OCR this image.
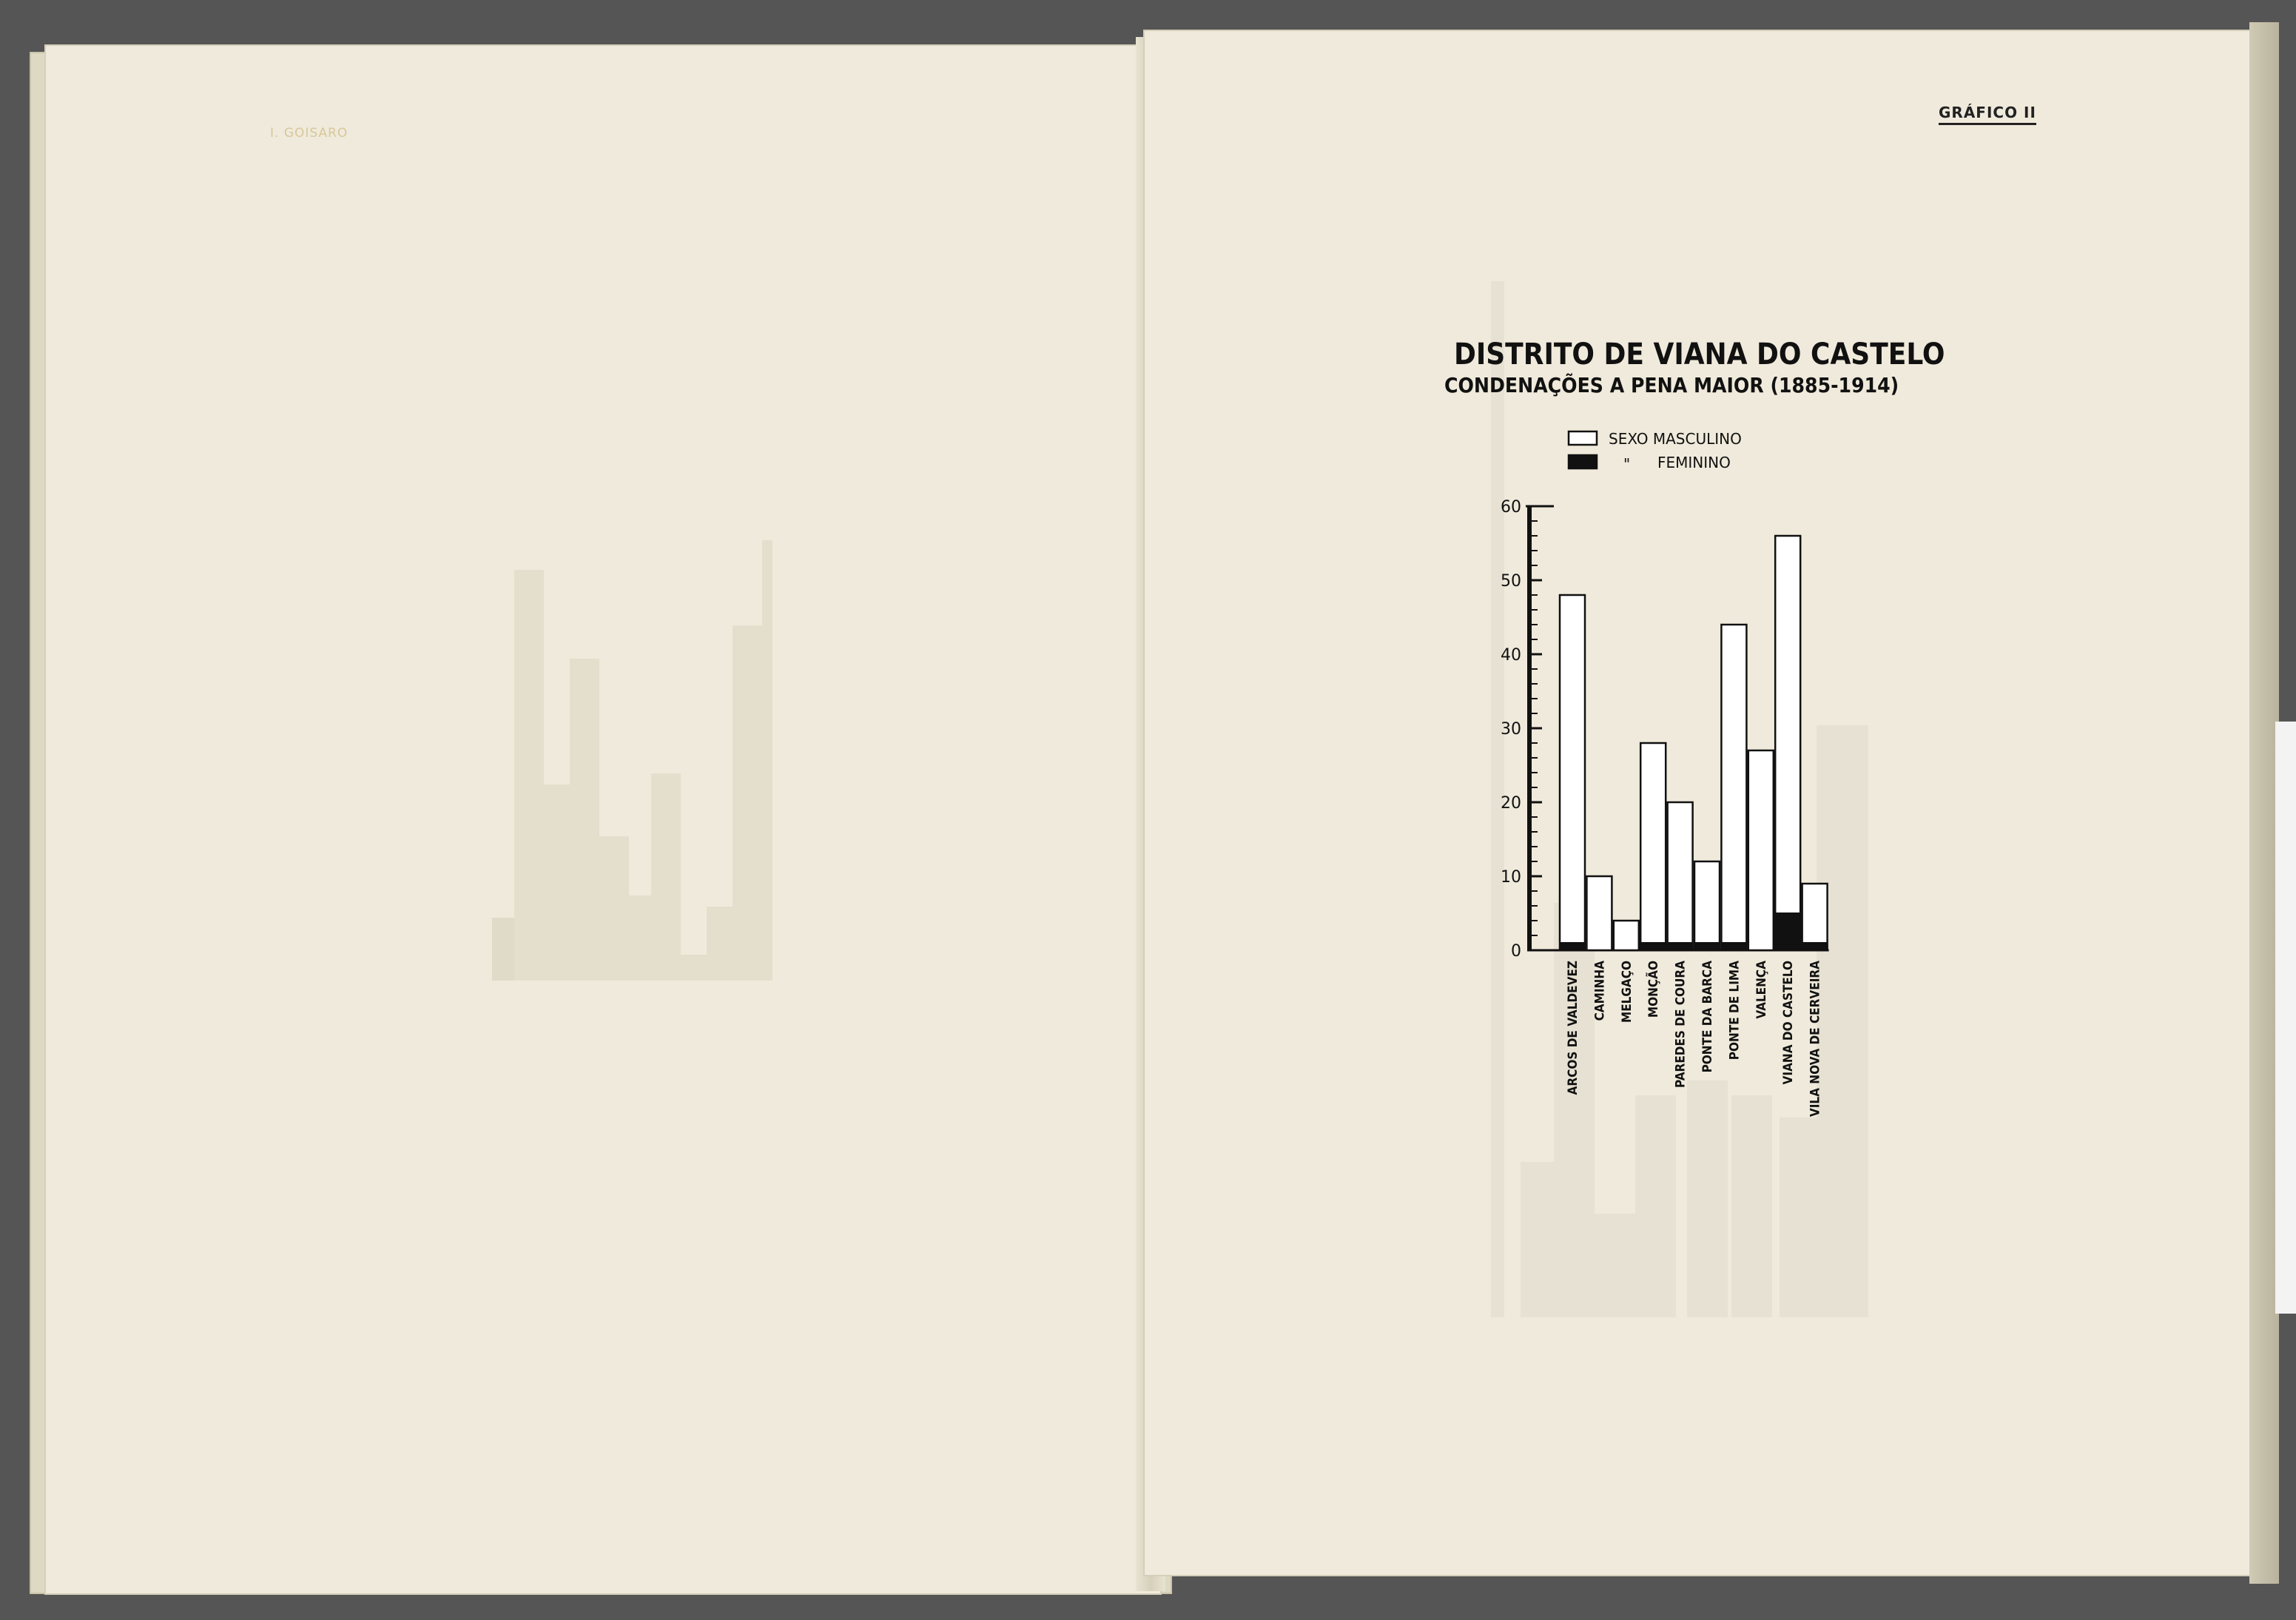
I. GOISARO
GRÁFICO II
DISTRITO DE VIANA DO CASTELO
CONDENAÇÕES A PENA MAIOR (1885-1914)
SEXO MASCULINO
" FEMININO
0
10
20
30
40
50
60
ARCOS DE VALDEVEZ CAMINHA MELGAÇO MONÇÃO PAREDES DE COURA PONTE DA BARCA PONTE DE LIMA VALENÇA VIANA DO CASTELO VILA NOVA DE CERVEIRA
